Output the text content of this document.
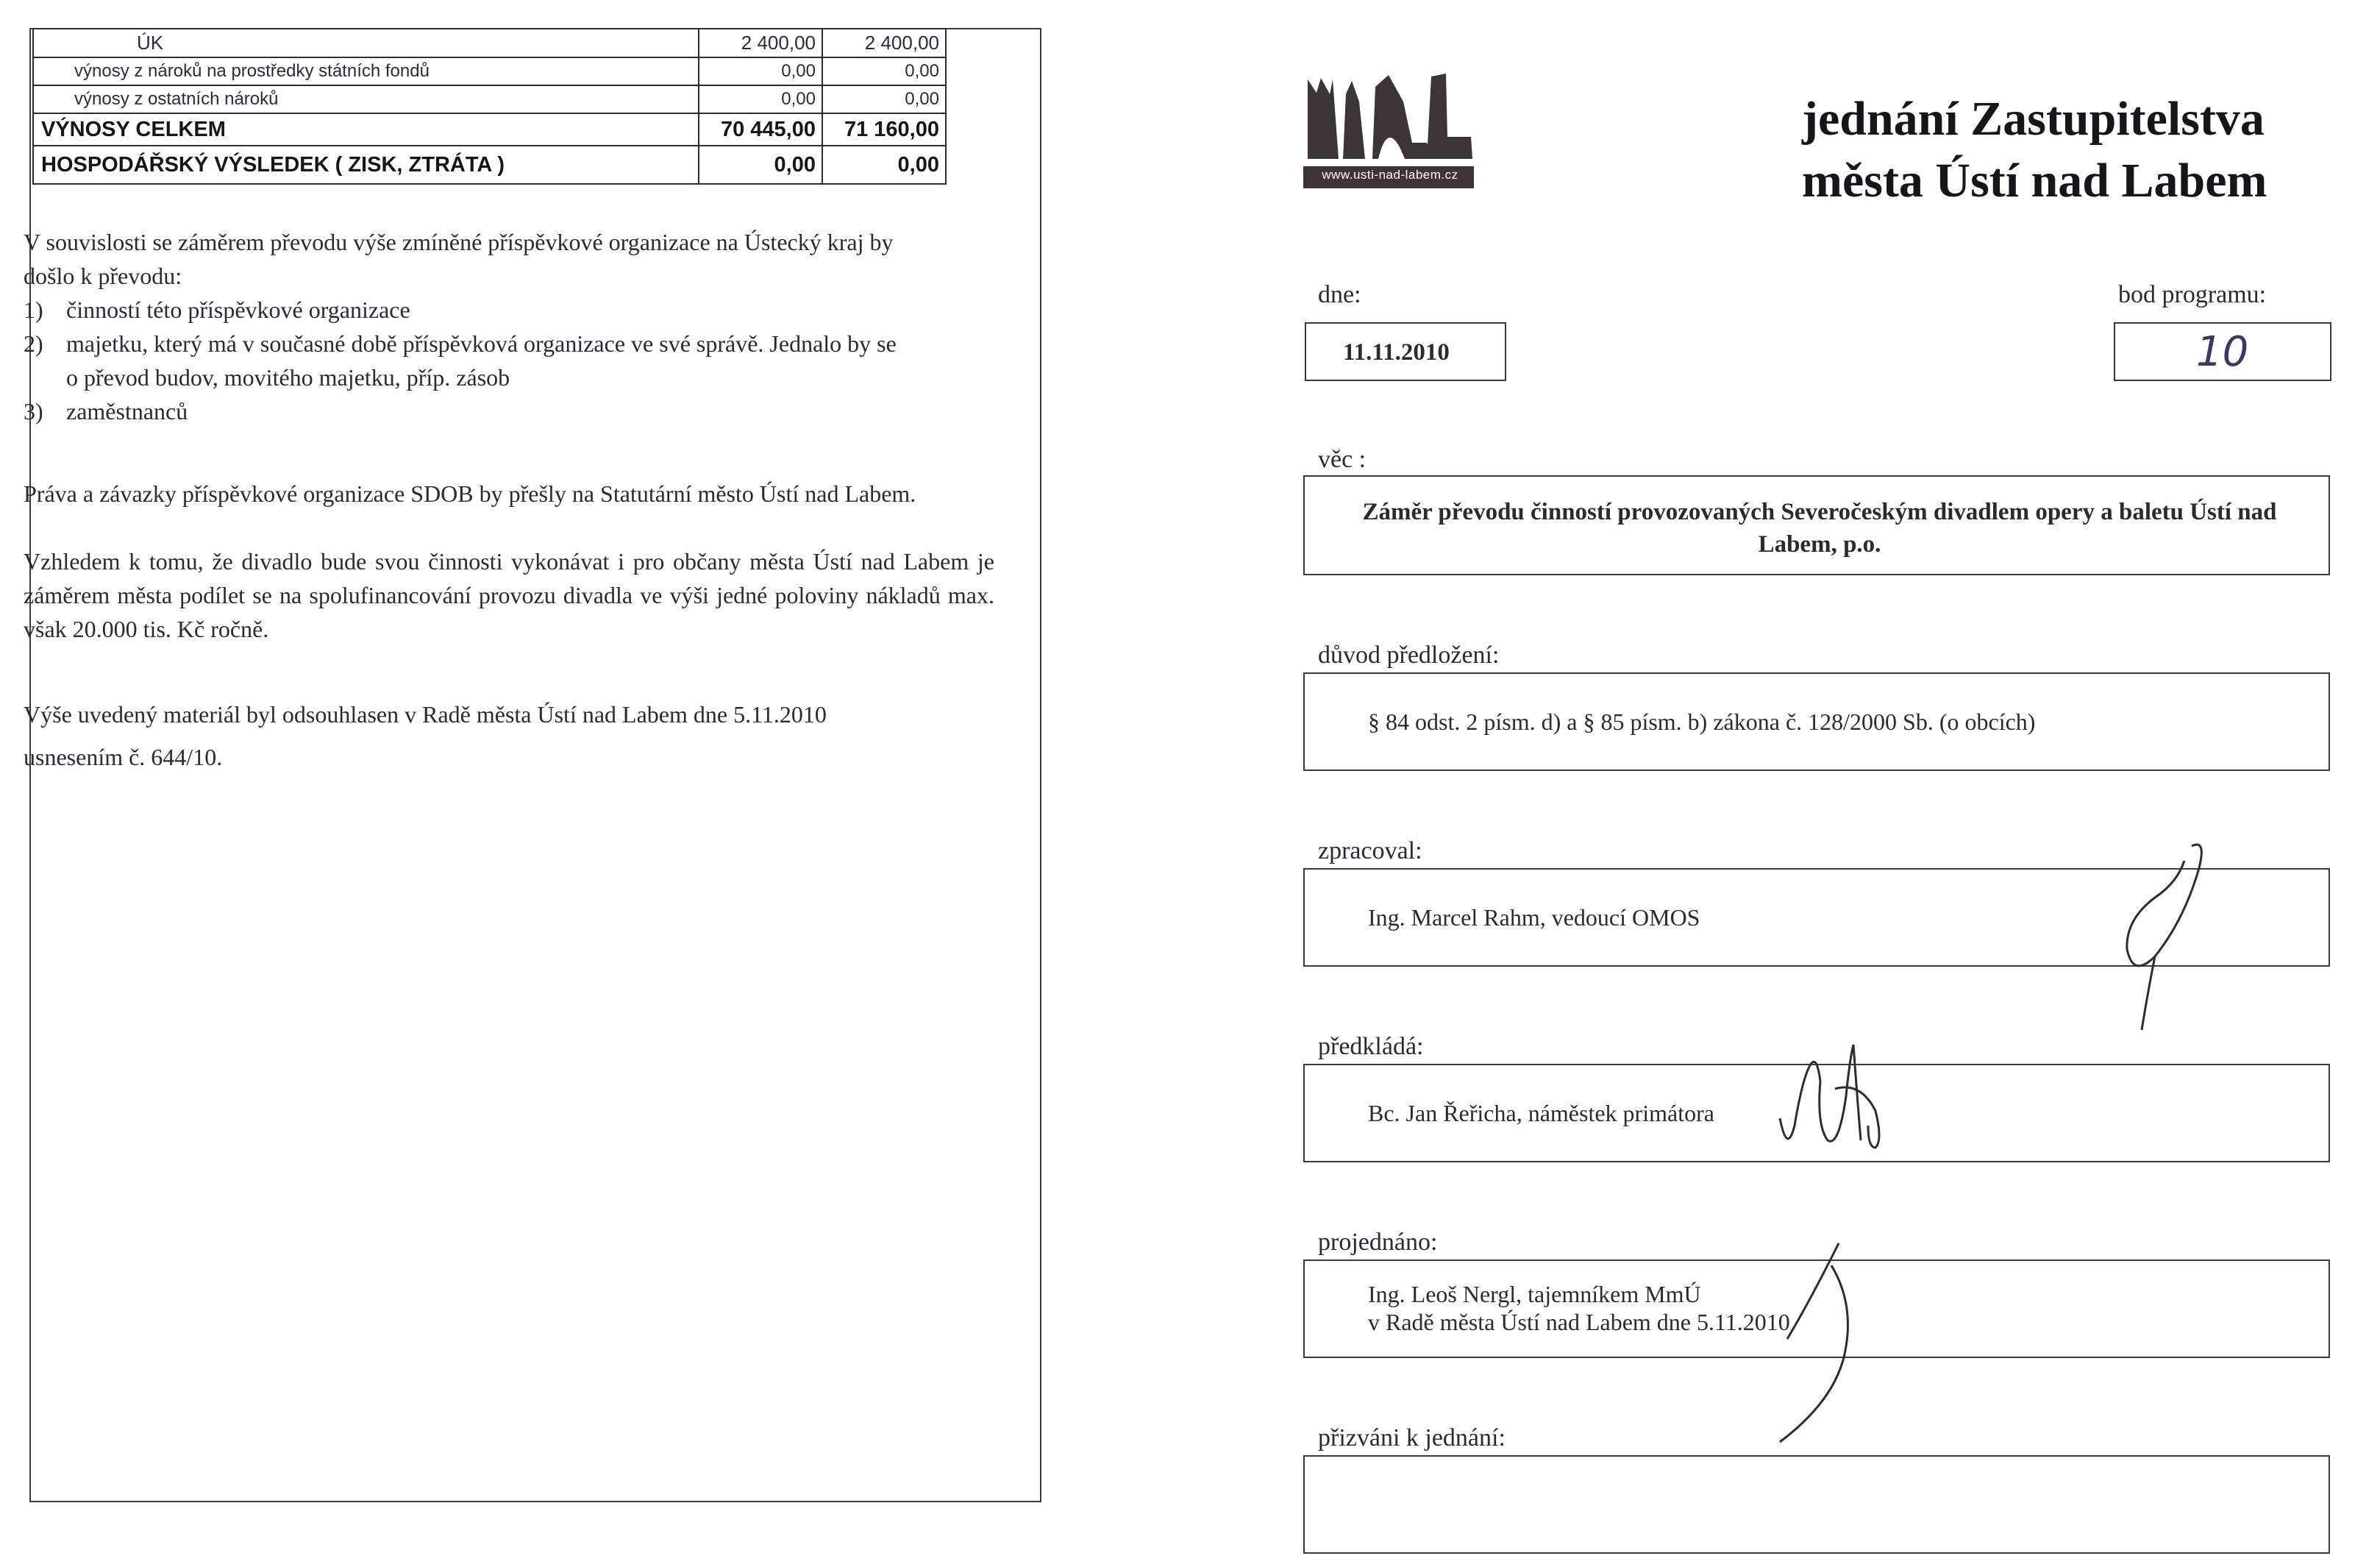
ÚK	2 400,00	2 400,00
výnosy z nároků na prostředky státních fondů	0,00	0,00
výnosy z ostatních nároků	0,00	0,00
VÝNOSY CELKEM	70 445,00	71 160,00
HOSPODÁŘSKÝ VÝSLEDEK ( ZISK, ZTRÁTA )	0,00	0,00
V souvislosti se záměrem převodu výše zmíněné příspěvkové organizace na Ústecký kraj by
došlo k převodu:
1) činností této příspěvkové organizace
2) majetku, který má v současné době příspěvková organizace ve své správě. Jednalo by se
o převod budov, movitého majetku, příp. zásob
3) zaměstnanců
Práva a závazky příspěvkové organizace SDOB by přešly na Statutární město Ústí nad Labem.
Vzhledem k tomu, že divadlo bude svou činnosti vykonávat i pro občany města Ústí nad Labem je záměrem města podílet se na spolufinancování provozu divadla ve výši jedné poloviny nákladů max. však 20.000 tis. Kč ročně.
Výše uvedený materiál byl odsouhlasen v Radě města Ústí nad Labem dne 5.11.2010
usnesením č. 644/10.
www.usti-nad-labem.cz
jednání Zastupitelstva
města Ústí nad Labem
dne:
11.11.2010
bod programu:
10
věc :
Záměr převodu činností provozovaných Severočeským divadlem opery a baletu Ústí nad Labem, p.o.
důvod předložení:
§ 84 odst. 2 písm. d) a § 85 písm. b) zákona č. 128/2000 Sb. (o obcích)
zpracoval:
Ing. Marcel Rahm, vedoucí OMOS
předkládá:
Bc. Jan Řeřicha, náměstek primátora
projednáno:
Ing. Leoš Nergl, tajemníkem MmÚ
v Radě města Ústí nad Labem dne 5.11.2010
přizváni k jednání:
